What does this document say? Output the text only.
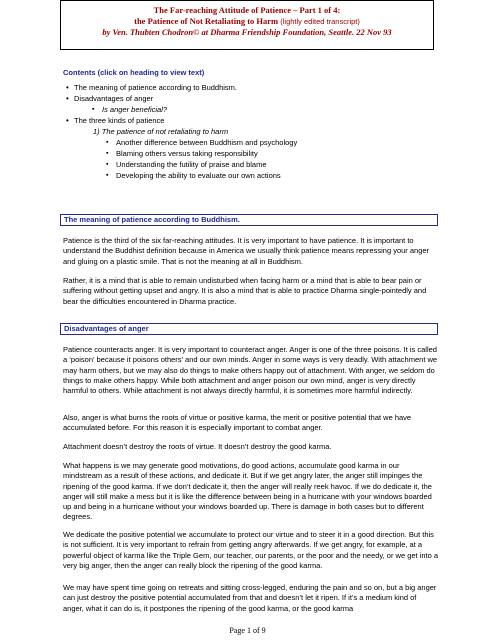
The Far-reaching Attitude of Patience – Part 1 of 4:
the Patience of Not Retaliating to Harm (lightly edited transcript)
by Ven. Thubten Chodron© at Dharma Friendship Foundation, Seattle. 22 Nov 93
Contents (click on heading to view text)
• The meaning of patience according to Buddhism.
• Disadvantages of anger
▪ Is anger beneficial?
• The three kinds of patience
1) The patience of not retaliating to harm
▪ Another difference between Buddhism and psychology
▪ Blaming others versus taking responsibility
▪ Understanding the futility of praise and blame
▪ Developing the ability to evaluate our own actions
The meaning of patience according to Buddhism.
Patience is the third of the six far-reaching attitudes. It is very important to have patience. It is important to understand the Buddhist definition because in America we usually think patience means repressing your anger and gluing on a plastic smile. That is not the meaning at all in Buddhism.
Rather, it is a mind that is able to remain undisturbed when facing harm or a mind that is able to bear pain or suffering without getting upset and angry. It is also a mind that is able to practice Dharma single-pointedly and bear the difficulties encountered in Dharma practice.
Disadvantages of anger
Patience counteracts anger. It is very important to counteract anger. Anger is one of the three poisons. It is called a ‘poison’ because it poisons others’ and our own minds. Anger in some ways is very deadly. With attachment we may harm others, but we may also do things to make others happy out of attachment. With anger, we seldom do things to make others happy. While both attachment and anger poison our own mind, anger is very directly harmful to others. While attachment is not always directly harmful, it is sometimes more harmful indirectly.
Also, anger is what burns the roots of virtue or positive karma, the merit or positive potential that we have accumulated before. For this reason it is especially important to combat anger.
Attachment doesn’t destroy the roots of virtue. It doesn’t destroy the good karma.
What happens is we may generate good motivations, do good actions, accumulate good karma in our mindstream as a result of these actions, and dedicate it. But if we get angry later, the anger still impinges the ripening of the good karma. If we don’t dedicate it, then the anger will really reek havoc. If we do dedicate it, the anger will still make a mess but it is like the difference between being in a hurricane with your windows boarded up and being in a hurricane without your windows boarded up. There is damage in both cases but to different degrees.
We dedicate the positive potential we accumulate to protect our virtue and to steer it in a good direction. But this is not sufficient. It is very important to refrain from getting angry afterwards. If we get angry, for example, at a powerful object of karma like the Triple Gem, our teacher, our parents, or the poor and the needy, or we get into a very big anger, then the anger can really block the ripening of the good karma.
We may have spent time going on retreats and sitting cross-legged, enduring the pain and so on, but a big anger can just destroy the positive potential accumulated from that and doesn’t let it ripen. If it’s a medium kind of anger, what it can do is, it postpones the ripening of the good karma, or the good karma
Page 1 of 9
